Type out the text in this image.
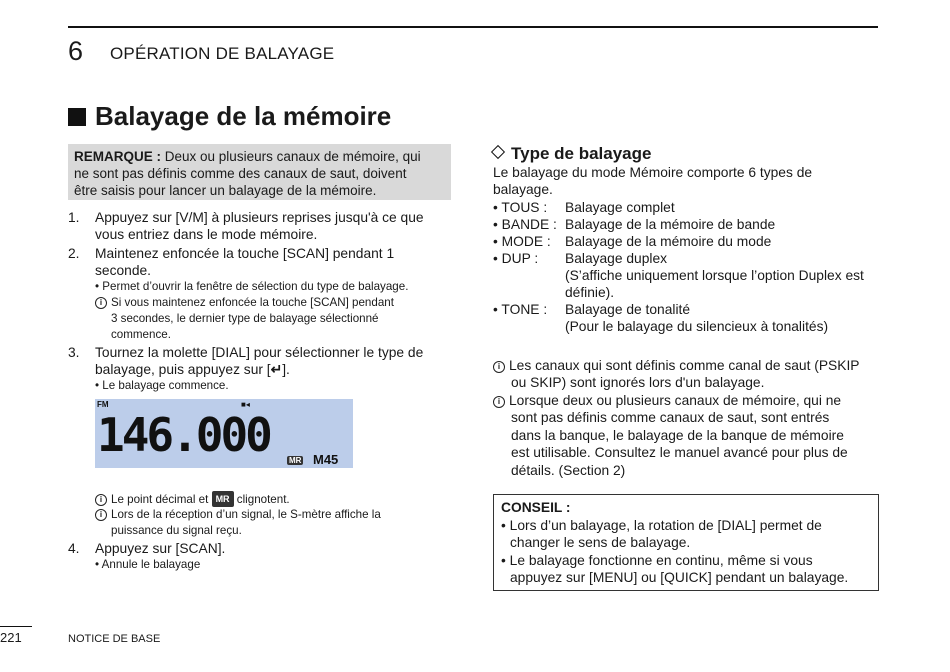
6 OPÉRATION DE BALAYAGE
Balayage de la mémoire
REMARQUE : Deux ou plusieurs canaux de mémoire, qui
ne sont pas définis comme des canaux de saut, doivent
être saisis pour lancer un balayage de la mémoire.
1. Appuyez sur [V/M] à plusieurs reprises jusqu'à ce que
vous entriez dans le mode mémoire.
2. Maintenez enfoncée la touche [SCAN] pendant 1
seconde.
• Permet d’ouvrir la fenêtre de sélection du type de balayage.
i Si vous maintenez enfoncée la touche [SCAN] pendant
3 secondes, le dernier type de balayage sélectionné
commence.
3. Tournez la molette [DIAL] pour sélectionner le type de
balayage, puis appuyez sur [↵].
• Le balayage commence.
FM	■◂
146.000 MR M45
i Le point décimal et MR clignotent.
i Lors de la réception d’un signal, le S-mètre affiche la
puissance du signal reçu.
4. Appuyez sur [SCAN].
• Annule le balayage
Type de balayage
Le balayage du mode Mémoire comporte 6 types de
balayage.
• TOUS :	Balayage complet
• BANDE : Balayage de la mémoire de bande
• MODE :	Balayage de la mémoire du mode
• DUP :	Balayage duplex
(S’affiche uniquement lorsque l’option Duplex est
définie).
• TONE :	Balayage de tonalité
(Pour le balayage du silencieux à tonalités)
i Les canaux qui sont définis comme canal de saut (PSKIP
ou SKIP) sont ignorés lors d'un balayage.
i Lorsque deux ou plusieurs canaux de mémoire, qui ne
sont pas définis comme canaux de saut, sont entrés
dans la banque, le balayage de la banque de mémoire
est utilisable. Consultez le manuel avancé pour plus de
détails. (Section 2)
CONSEIL :
• Lors d’un balayage, la rotation de [DIAL] permet de
changer le sens de balayage.
• Le balayage fonctionne en continu, même si vous
appuyez sur [MENU] ou [QUICK] pendant un balayage.
221	NOTICE DE BASE
